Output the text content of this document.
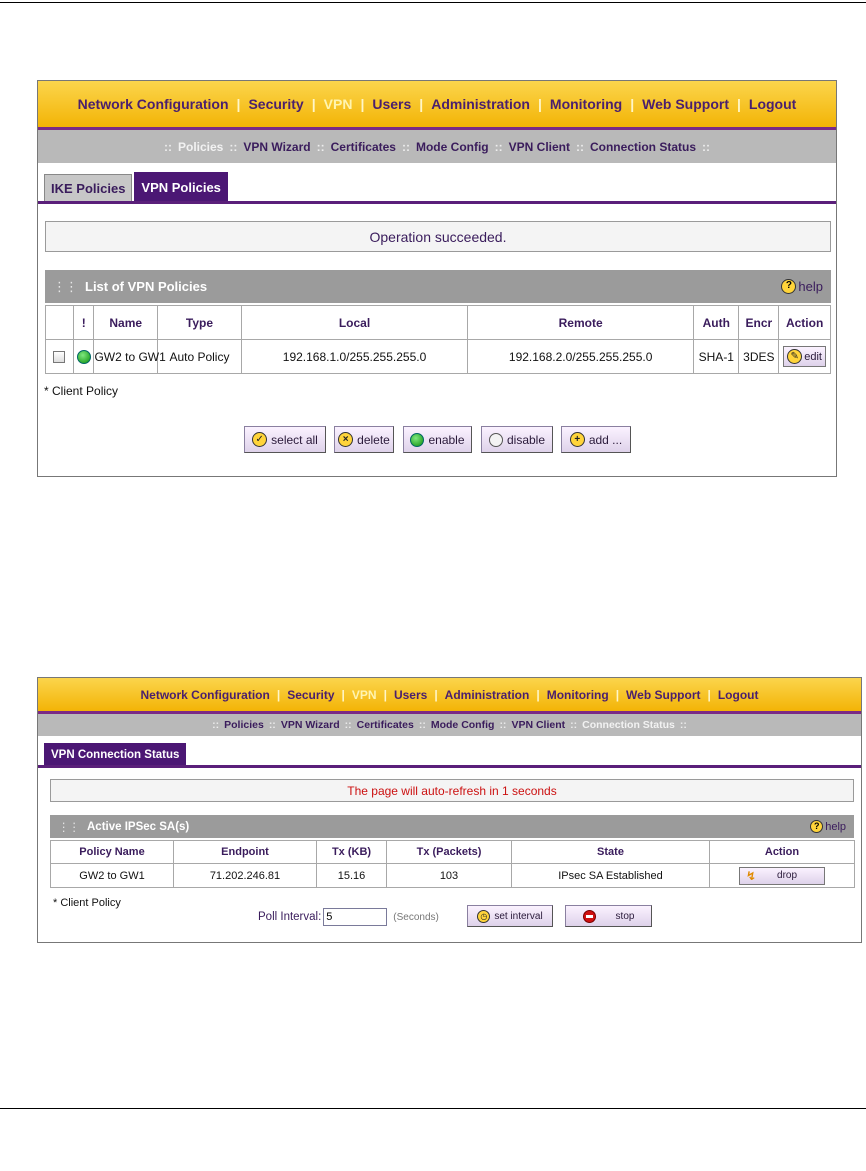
Network Configuration | Security | VPN | Users | Administration | Monitoring | Web Support | Logout
:: Policies :: VPN Wizard :: Certificates :: Mode Config :: VPN Client :: Connection Status ::
IKE Policies	VPN Policies
Operation succeeded.
⋮⋮ List of VPN Policies	? help
	!	Name	Type	Local	Remote	Auth	Encr	Action
		GW2 to GW1	Auto Policy	192.168.1.0/255.255.255.0	192.168.2.0/255.255.255.0	SHA-1	3DES	✎ edit
* Client Policy
✓ select all	× delete	enable	disable	+ add ...
Network Configuration | Security | VPN | Users | Administration | Monitoring | Web Support | Logout
:: Policies :: VPN Wizard :: Certificates :: Mode Config :: VPN Client :: Connection Status ::
VPN Connection Status
The page will auto-refresh in 1 seconds
⋮⋮ Active IPSec SA(s)	? help
Policy Name	Endpoint	Tx (KB)	Tx (Packets)	State	Action
GW2 to GW1	71.202.246.81	15.16	103	IPsec SA Established	↯ drop
* Client Policy
Poll Interval:
5	(Seconds)	◷ set interval	stop
